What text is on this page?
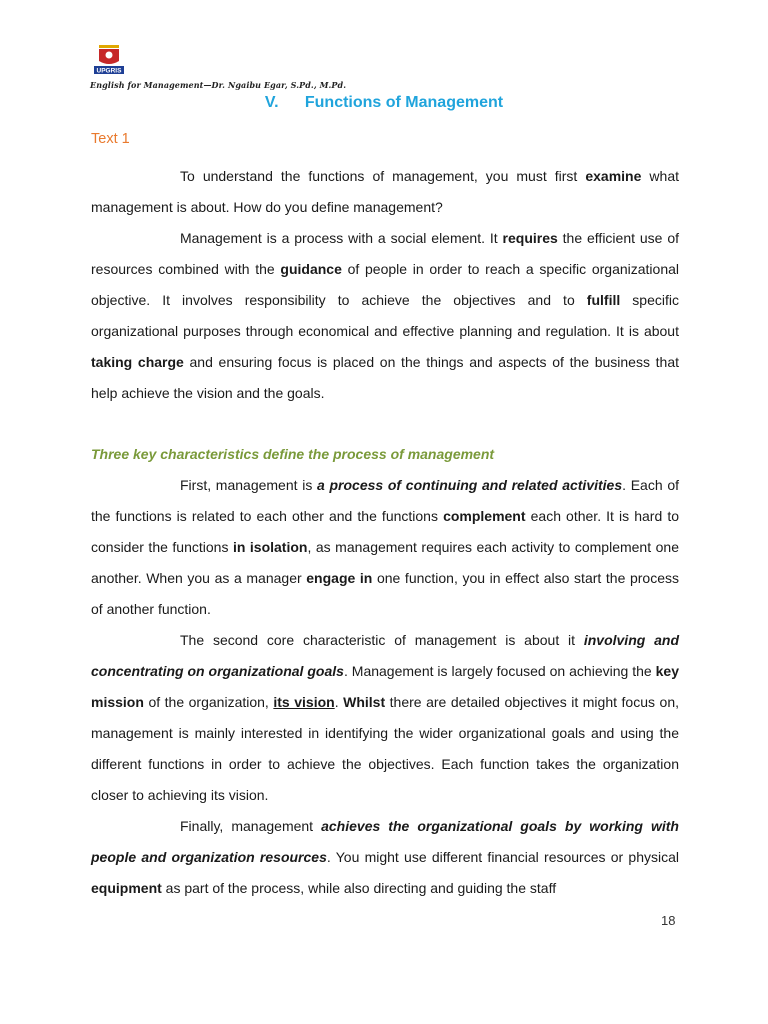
UPGRIS
English for Management—Dr. Ngaibu Egar, S.Pd., M.Pd.
V. Functions of Management
Text 1

To understand the functions of management, you must first examine what management is about. How do you define management?

Management is a process with a social element. It requires the efficient use of resources combined with the guidance of people in order to reach a specific organizational objective. It involves responsibility to achieve the objectives and to fulfill specific organizational purposes through economical and effective planning and regulation. It is about taking charge and ensuring focus is placed on the things and aspects of the business that help achieve the vision and the goals.

Three key characteristics define the process of management

First, management is a process of continuing and related activities. Each of the functions is related to each other and the functions complement each other. It is hard to consider the functions in isolation, as management requires each activity to complement one another. When you as a manager engage in one function, you in effect also start the process of another function.

The second core characteristic of management is about it involving and concentrating on organizational goals. Management is largely focused on achieving the key mission of the organization, its vision. Whilst there are detailed objectives it might focus on, management is mainly interested in identifying the wider organizational goals and using the different functions in order to achieve the objectives. Each function takes the organization closer to achieving its vision.

Finally, management achieves the organizational goals by working with people and organization resources. You might use different financial resources or physical equipment as part of the process, while also directing and guiding the staff

18
